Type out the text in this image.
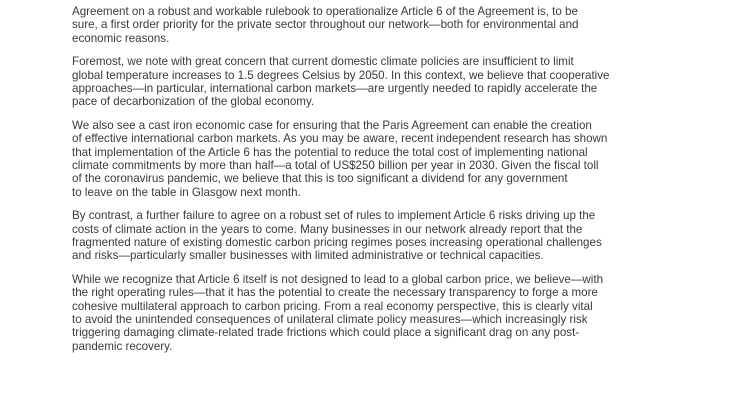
Agreement on a robust and workable rulebook to operationalize Article 6 of the Agreement is, to be
sure, a first order priority for the private sector throughout our network—both for environmental and
economic reasons.

Foremost, we note with great concern that current domestic climate policies are insufficient to limit
global temperature increases to 1.5 degrees Celsius by 2050. In this context, we believe that cooperative
approaches—in particular, international carbon markets—are urgently needed to rapidly accelerate the
pace of decarbonization of the global economy.

We also see a cast iron economic case for ensuring that the Paris Agreement can enable the creation
of effective international carbon markets. As you may be aware, recent independent research has shown
that implementation of the Article 6 has the potential to reduce the total cost of implementing national
climate commitments by more than half—a total of US$250 billion per year in 2030. Given the fiscal toll
of the coronavirus pandemic, we believe that this is too significant a dividend for any government
to leave on the table in Glasgow next month.

By contrast, a further failure to agree on a robust set of rules to implement Article 6 risks driving up the
costs of climate action in the years to come. Many businesses in our network already report that the
fragmented nature of existing domestic carbon pricing regimes poses increasing operational challenges
and risks—particularly smaller businesses with limited administrative or technical capacities.

While we recognize that Article 6 itself is not designed to lead to a global carbon price, we believe—with
the right operating rules—that it has the potential to create the necessary transparency to forge a more
cohesive multilateral approach to carbon pricing. From a real economy perspective, this is clearly vital
to avoid the unintended consequences of unilateral climate policy measures—which increasingly risk
triggering damaging climate-related trade frictions which could place a significant drag on any post-
pandemic recovery.
